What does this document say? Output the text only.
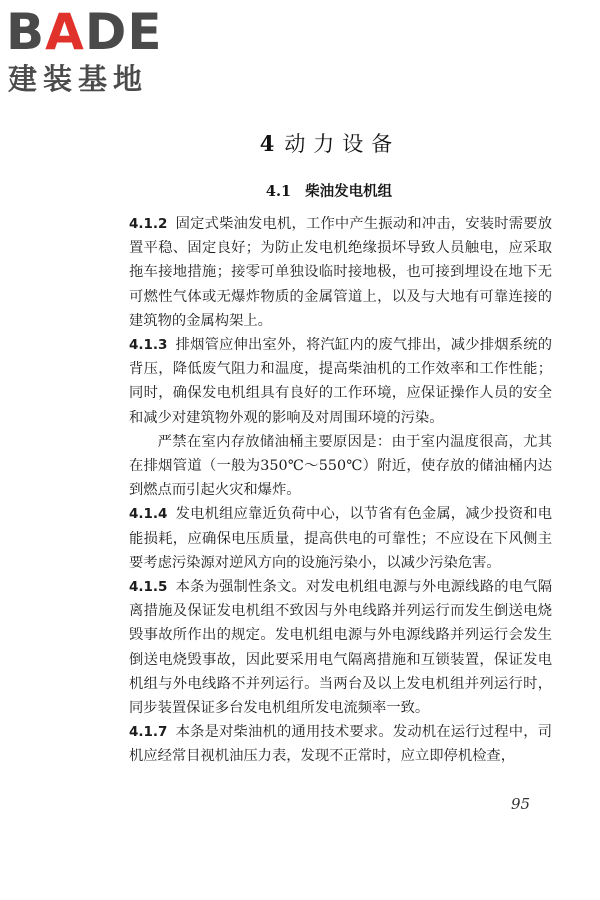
BADE
建装基地
4 动力设备
4.1 柴油发电机组

4.1.2 固定式柴油发电机，工作中产生振动和冲击，安装时需要放置平稳、固定良好；为防止发电机绝缘损坏导致人员触电，应采取拖车接地措施；接零可单独设临时接地极，也可接到埋设在地下无可燃性气体或无爆炸物质的金属管道上，以及与大地有可靠连接的建筑物的金属构架上。

4.1.3 排烟管应伸出室外，将汽缸内的废气排出，减少排烟系统的背压，降低废气阻力和温度，提高柴油机的工作效率和工作性能；同时，确保发电机组具有良好的工作环境，应保证操作人员的安全和减少对建筑物外观的影响及对周围环境的污染。

严禁在室内存放储油桶主要原因是：由于室内温度很高，尤其在排烟管道（一般为350℃～550℃）附近，使存放的储油桶内达到燃点而引起火灾和爆炸。

4.1.4 发电机组应靠近负荷中心，以节省有色金属，减少投资和电能损耗，应确保电压质量，提高供电的可靠性；不应设在下风侧主要考虑污染源对逆风方向的设施污染小，以减少污染危害。

4.1.5 本条为强制性条文。对发电机组电源与外电源线路的电气隔离措施及保证发电机组不致因与外电线路并列运行而发生倒送电烧毁事故所作出的规定。发电机组电源与外电源线路并列运行会发生倒送电烧毁事故，因此要采用电气隔离措施和互锁装置，保证发电机组与外电线路不并列运行。当两台及以上发电机组并列运行时，同步装置保证多台发电机组所发电流频率一致。

4.1.7 本条是对柴油机的通用技术要求。发动机在运行过程中，司机应经常目视机油压力表，发现不正常时，应立即停机检查，

95
